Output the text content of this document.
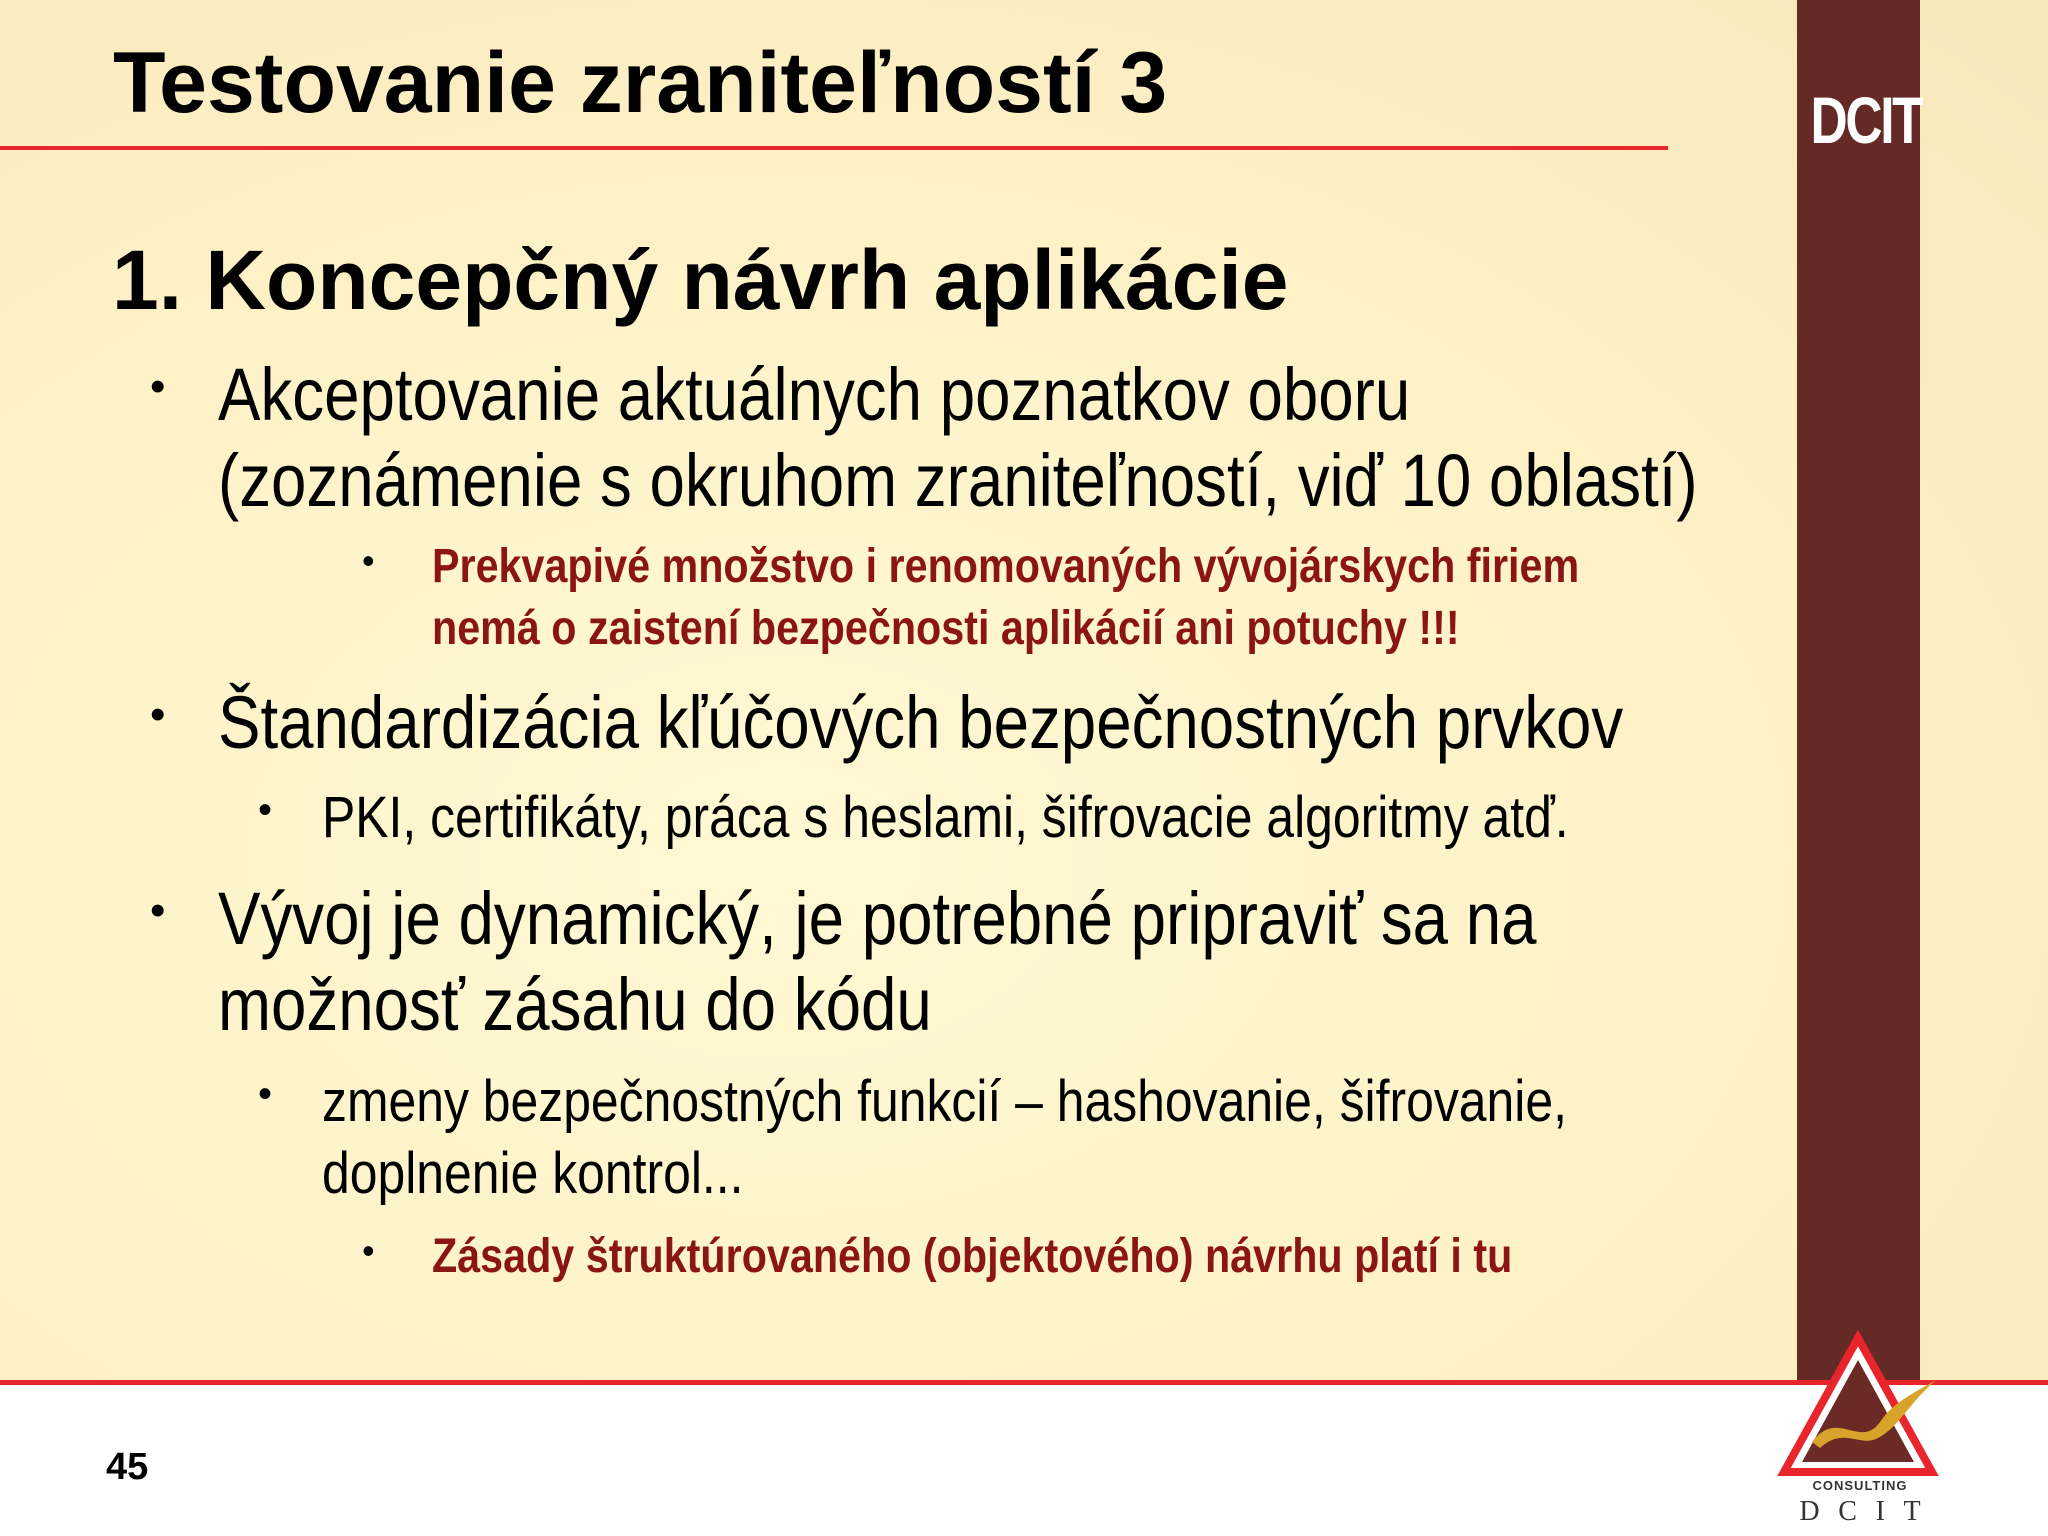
DCIT
Testovanie zraniteľností 3
1. Koncepčný návrh aplikácie
• Akceptovanie aktuálnych poznatkov oboru
(zoznámenie s okruhom zraniteľností, viď 10 oblastí)
• Prekvapivé množstvo i renomovaných vývojárskych firiem
nemá o zaistení bezpečnosti aplikácií ani potuchy !!!
• Štandardizácia kľúčových bezpečnostných prvkov
• PKI, certifikáty, práca s heslami, šifrovacie algoritmy atď.
• Vývoj je dynamický, je potrebné pripraviť sa na
možnosť zásahu do kódu
• zmeny bezpečnostných funkcií – hashovanie, šifrovanie,
doplnenie kontrol...
• Zásady štruktúrovaného (objektového) návrhu platí i tu
45	CONSULTING
D C I T
